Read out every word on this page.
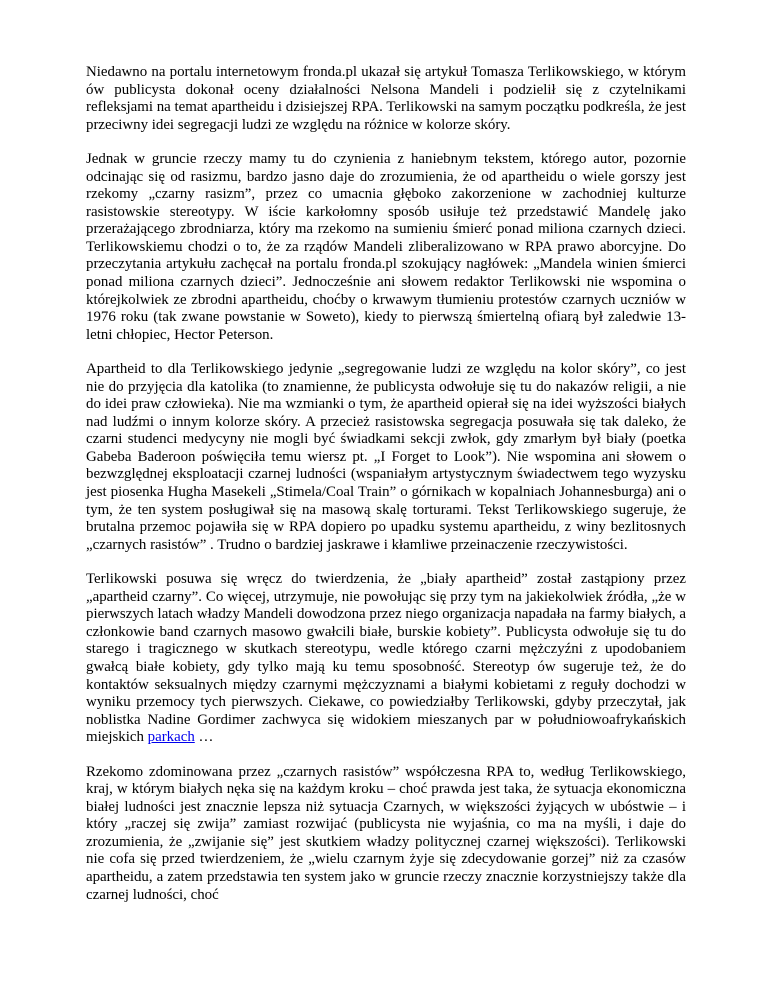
Niedawno na portalu internetowym fronda.pl ukazał się artykuł Tomasza Terlikowskiego, w którym ów publicysta dokonał oceny działalności Nelsona Mandeli i podzielił się z czytelnikami refleksjami na temat apartheidu i dzisiejszej RPA. Terlikowski na samym początku podkreśla, że jest przeciwny idei segregacji ludzi ze względu na różnice w kolorze skóry.

Jednak w gruncie rzeczy mamy tu do czynienia z haniebnym tekstem, którego autor, pozornie odcinając się od rasizmu, bardzo jasno daje do zrozumienia, że od apartheidu o wiele gorszy jest rzekomy „czarny rasizm”, przez co umacnia głęboko zakorzenione w zachodniej kulturze rasistowskie stereotypy. W iście karkołomny sposób usiłuje też przedstawić Mandelę jako przerażającego zbrodniarza, który ma rzekomo na sumieniu śmierć ponad miliona czarnych dzieci. Terlikowskiemu chodzi o to, że za rządów Mandeli zliberalizowano w RPA prawo aborcyjne. Do przeczytania artykułu zachęcał na portalu fronda.pl szokujący nagłówek: „Mandela winien śmierci ponad miliona czarnych dzieci”. Jednocześnie ani słowem redaktor Terlikowski nie wspomina o którejkolwiek ze zbrodni apartheidu, choćby o krwawym tłumieniu protestów czarnych uczniów w 1976 roku (tak zwane powstanie w Soweto), kiedy to pierwszą śmiertelną ofiarą był zaledwie 13-letni chłopiec, Hector Peterson.

Apartheid to dla Terlikowskiego jedynie „segregowanie ludzi ze względu na kolor skóry”, co jest nie do przyjęcia dla katolika (to znamienne, że publicysta odwołuje się tu do nakazów religii, a nie do idei praw człowieka). Nie ma wzmianki o tym, że apartheid opierał się na idei wyższości białych nad ludźmi o innym kolorze skóry. A przecież rasistowska segregacja posuwała się tak daleko, że czarni studenci medycyny nie mogli być świadkami sekcji zwłok, gdy zmarłym był biały (poetka Gabeba Baderoon poświęciła temu wiersz pt. „I Forget to Look”). Nie wspomina ani słowem o bezwzględnej eksploatacji czarnej ludności (wspaniałym artystycznym świadectwem tego wyzysku jest piosenka Hugha Masekeli „Stimela/Coal Train” o górnikach w kopalniach Johannesburga) ani o tym, że ten system posługiwał się na masową skalę torturami. Tekst Terlikowskiego sugeruje, że brutalna przemoc pojawiła się w RPA dopiero po upadku systemu apartheidu, z winy bezlitosnych „czarnych rasistów” . Trudno o bardziej jaskrawe i kłamliwe przeinaczenie rzeczywistości.

Terlikowski posuwa się wręcz do twierdzenia, że „biały apartheid” został zastąpiony przez „apartheid czarny”. Co więcej, utrzymuje, nie powołując się przy tym na jakiekolwiek źródła, „że w pierwszych latach władzy Mandeli dowodzona przez niego organizacja napadała na farmy białych, a członkowie band czarnych masowo gwałcili białe, burskie kobiety”. Publicysta odwołuje się tu do starego i tragicznego w skutkach stereotypu, wedle którego czarni mężczyźni z upodobaniem gwałcą białe kobiety, gdy tylko mają ku temu sposobność. Stereotyp ów sugeruje też, że do kontaktów seksualnych między czarnymi mężczyznami a białymi kobietami z reguły dochodzi w wyniku przemocy tych pierwszych. Ciekawe, co powiedziałby Terlikowski, gdyby przeczytał, jak noblistka Nadine Gordimer zachwyca się widokiem mieszanych par w południowoafrykańskich miejskich parkach …

Rzekomo zdominowana przez „czarnych rasistów” współczesna RPA to, według Terlikowskiego, kraj, w którym białych nęka się na każdym kroku – choć prawda jest taka, że sytuacja ekonomiczna białej ludności jest znacznie lepsza niż sytuacja Czarnych, w większości żyjących w ubóstwie – i który „raczej się zwija” zamiast rozwijać (publicysta nie wyjaśnia, co ma na myśli, i daje do zrozumienia, że „zwijanie się” jest skutkiem władzy politycznej czarnej większości). Terlikowski nie cofa się przed twierdzeniem, że „wielu czarnym żyje się zdecydowanie gorzej” niż za czasów apartheidu, a zatem przedstawia ten system jako w gruncie rzeczy znacznie korzystniejszy także dla czarnej ludności, choć
